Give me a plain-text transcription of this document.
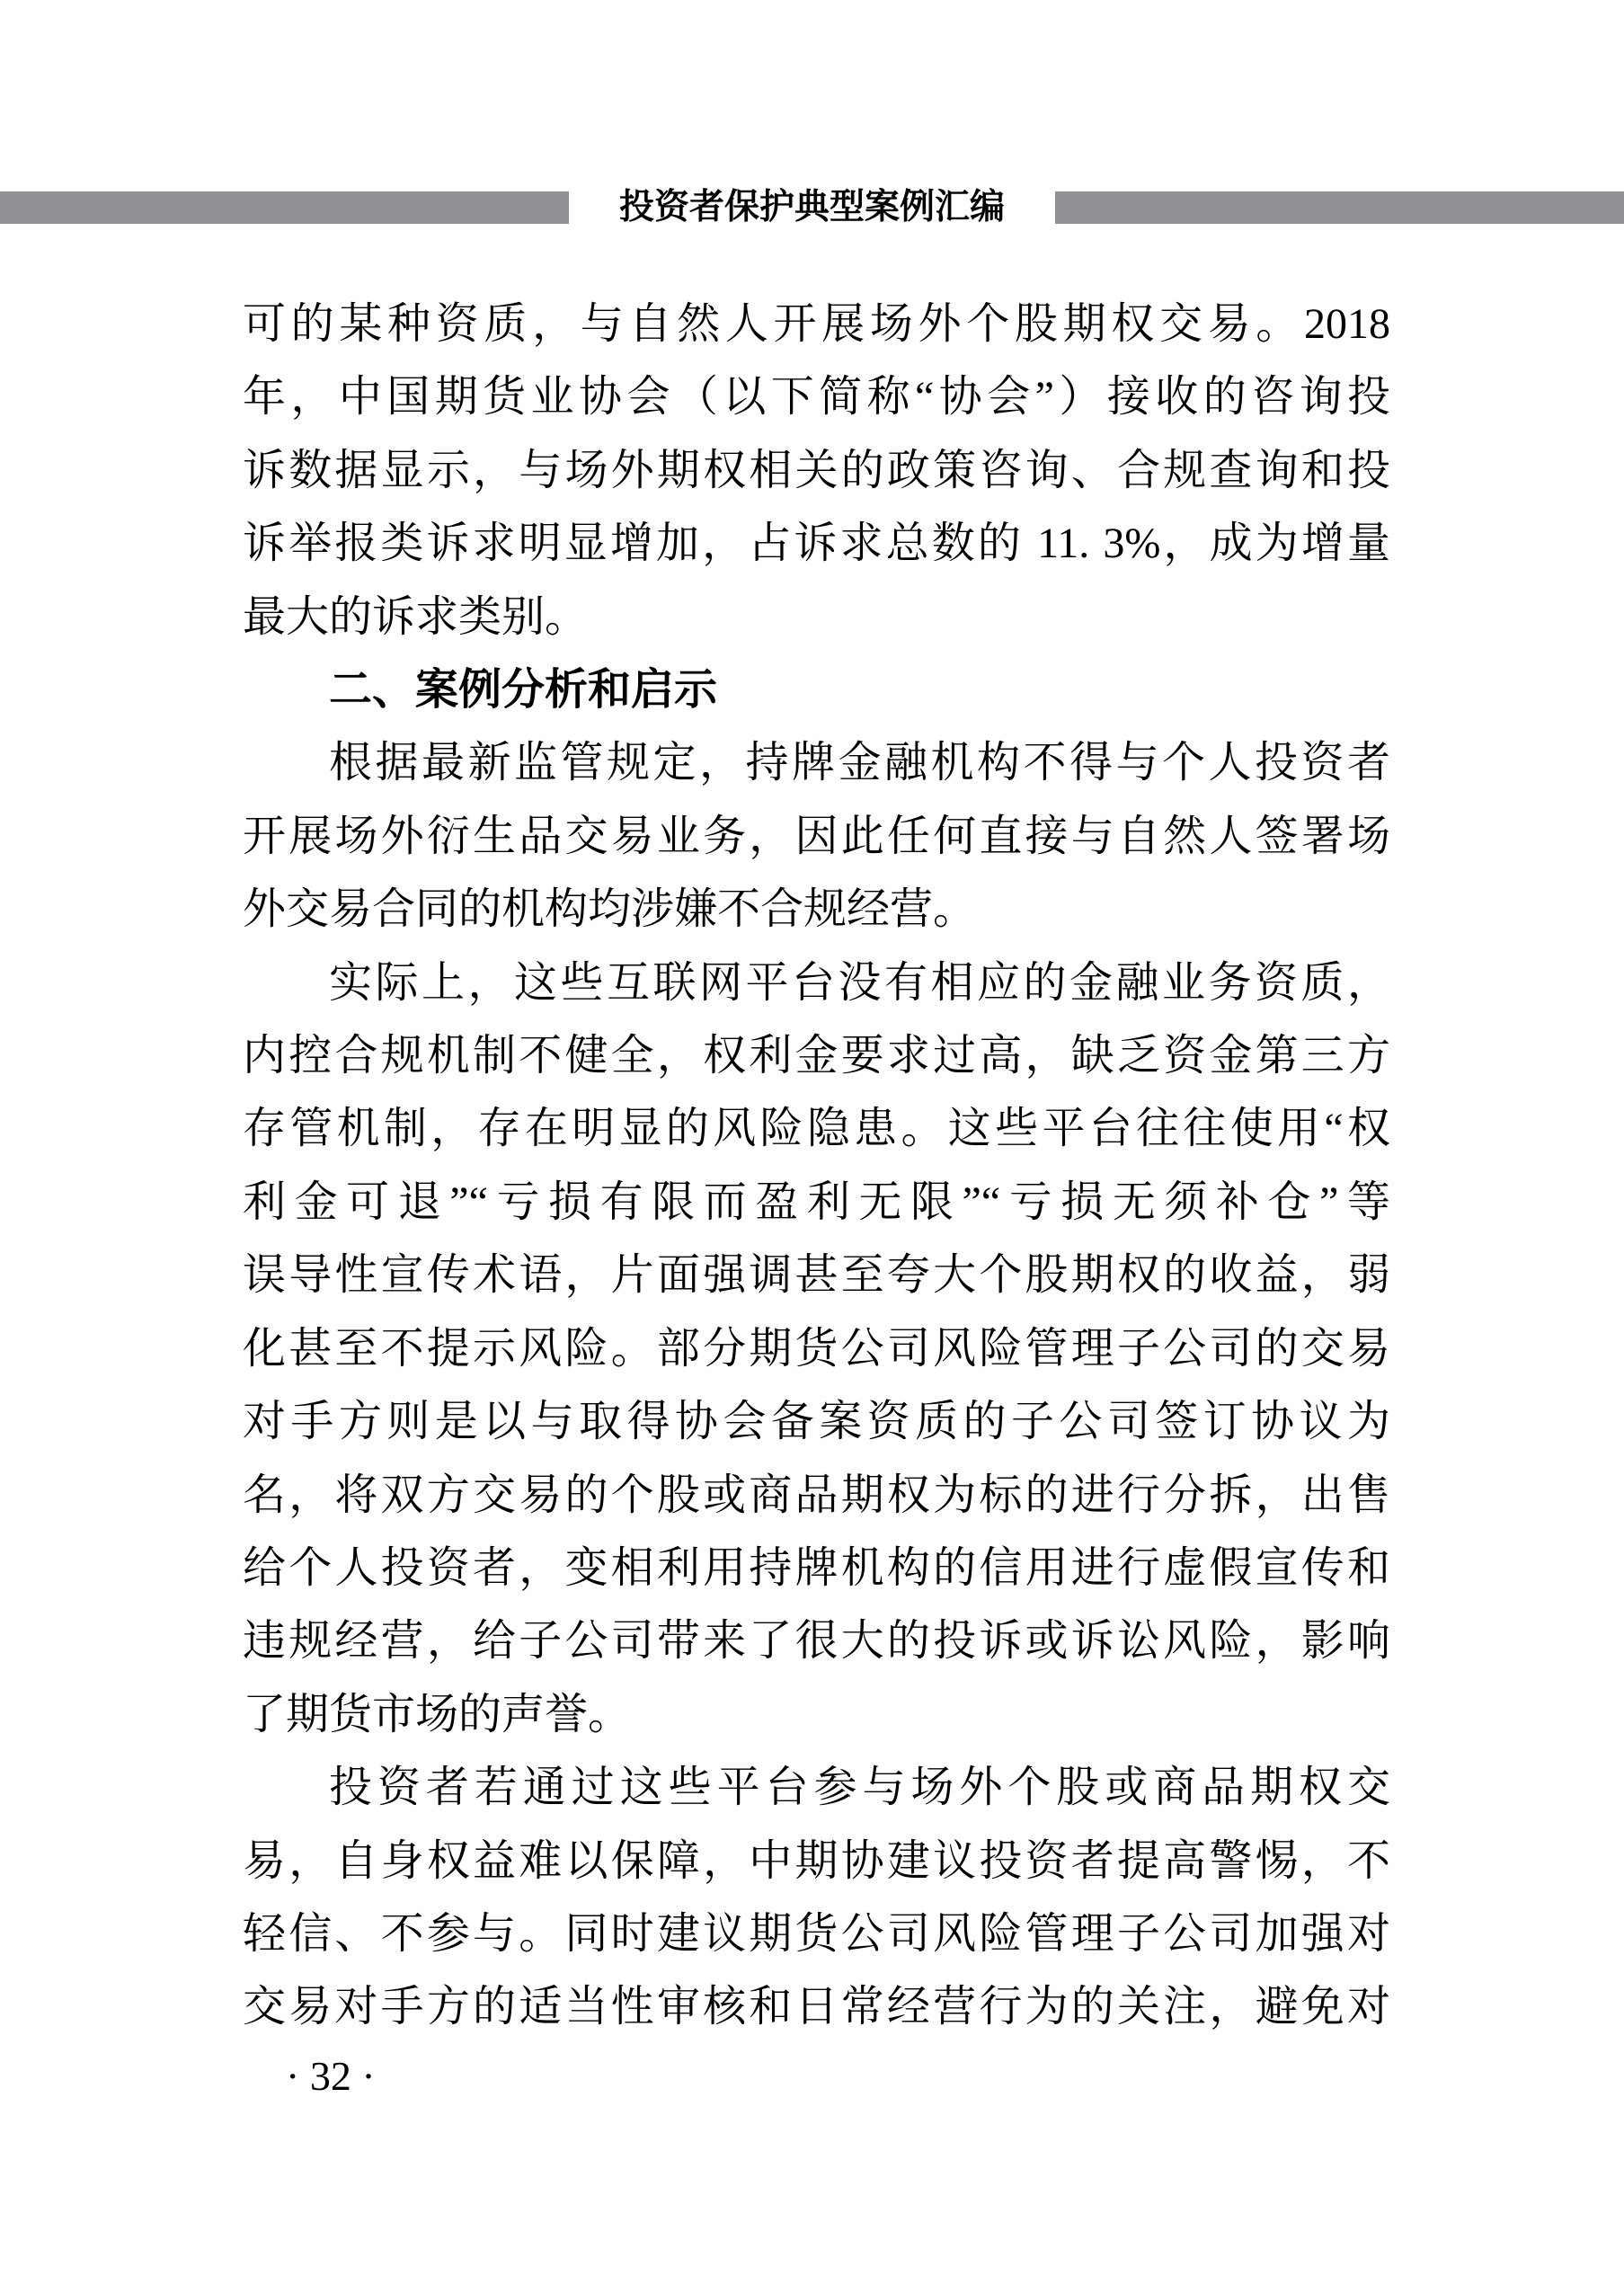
投资者保护典型案例汇编
可的某种资质，与自然人开展场外个股期权交易。2018
年，中国期货业协会（以下简称“协会”）接收的咨询投
诉数据显示，与场外期权相关的政策咨询、合规查询和投
诉举报类诉求明显增加，占诉求总数的 11. 3%，成为增量
最大的诉求类别。
二、案例分析和启示
根据最新监管规定，持牌金融机构不得与个人投资者
开展场外衍生品交易业务，因此任何直接与自然人签署场
外交易合同的机构均涉嫌不合规经营。
实际上，这些互联网平台没有相应的金融业务资质，
内控合规机制不健全，权利金要求过高，缺乏资金第三方
存管机制，存在明显的风险隐患。这些平台往往使用“权
利金可退”“亏损有限而盈利无限”“亏损无须补仓”等
误导性宣传术语，片面强调甚至夸大个股期权的收益，弱
化甚至不提示风险。部分期货公司风险管理子公司的交易
对手方则是以与取得协会备案资质的子公司签订协议为
名，将双方交易的个股或商品期权为标的进行分拆，出售
给个人投资者，变相利用持牌机构的信用进行虚假宣传和
违规经营，给子公司带来了很大的投诉或诉讼风险，影响
了期货市场的声誉。
投资者若通过这些平台参与场外个股或商品期权交
易，自身权益难以保障，中期协建议投资者提高警惕，不
轻信、不参与。同时建议期货公司风险管理子公司加强对
交易对手方的适当性审核和日常经营行为的关注，避免对
· 32 ·
